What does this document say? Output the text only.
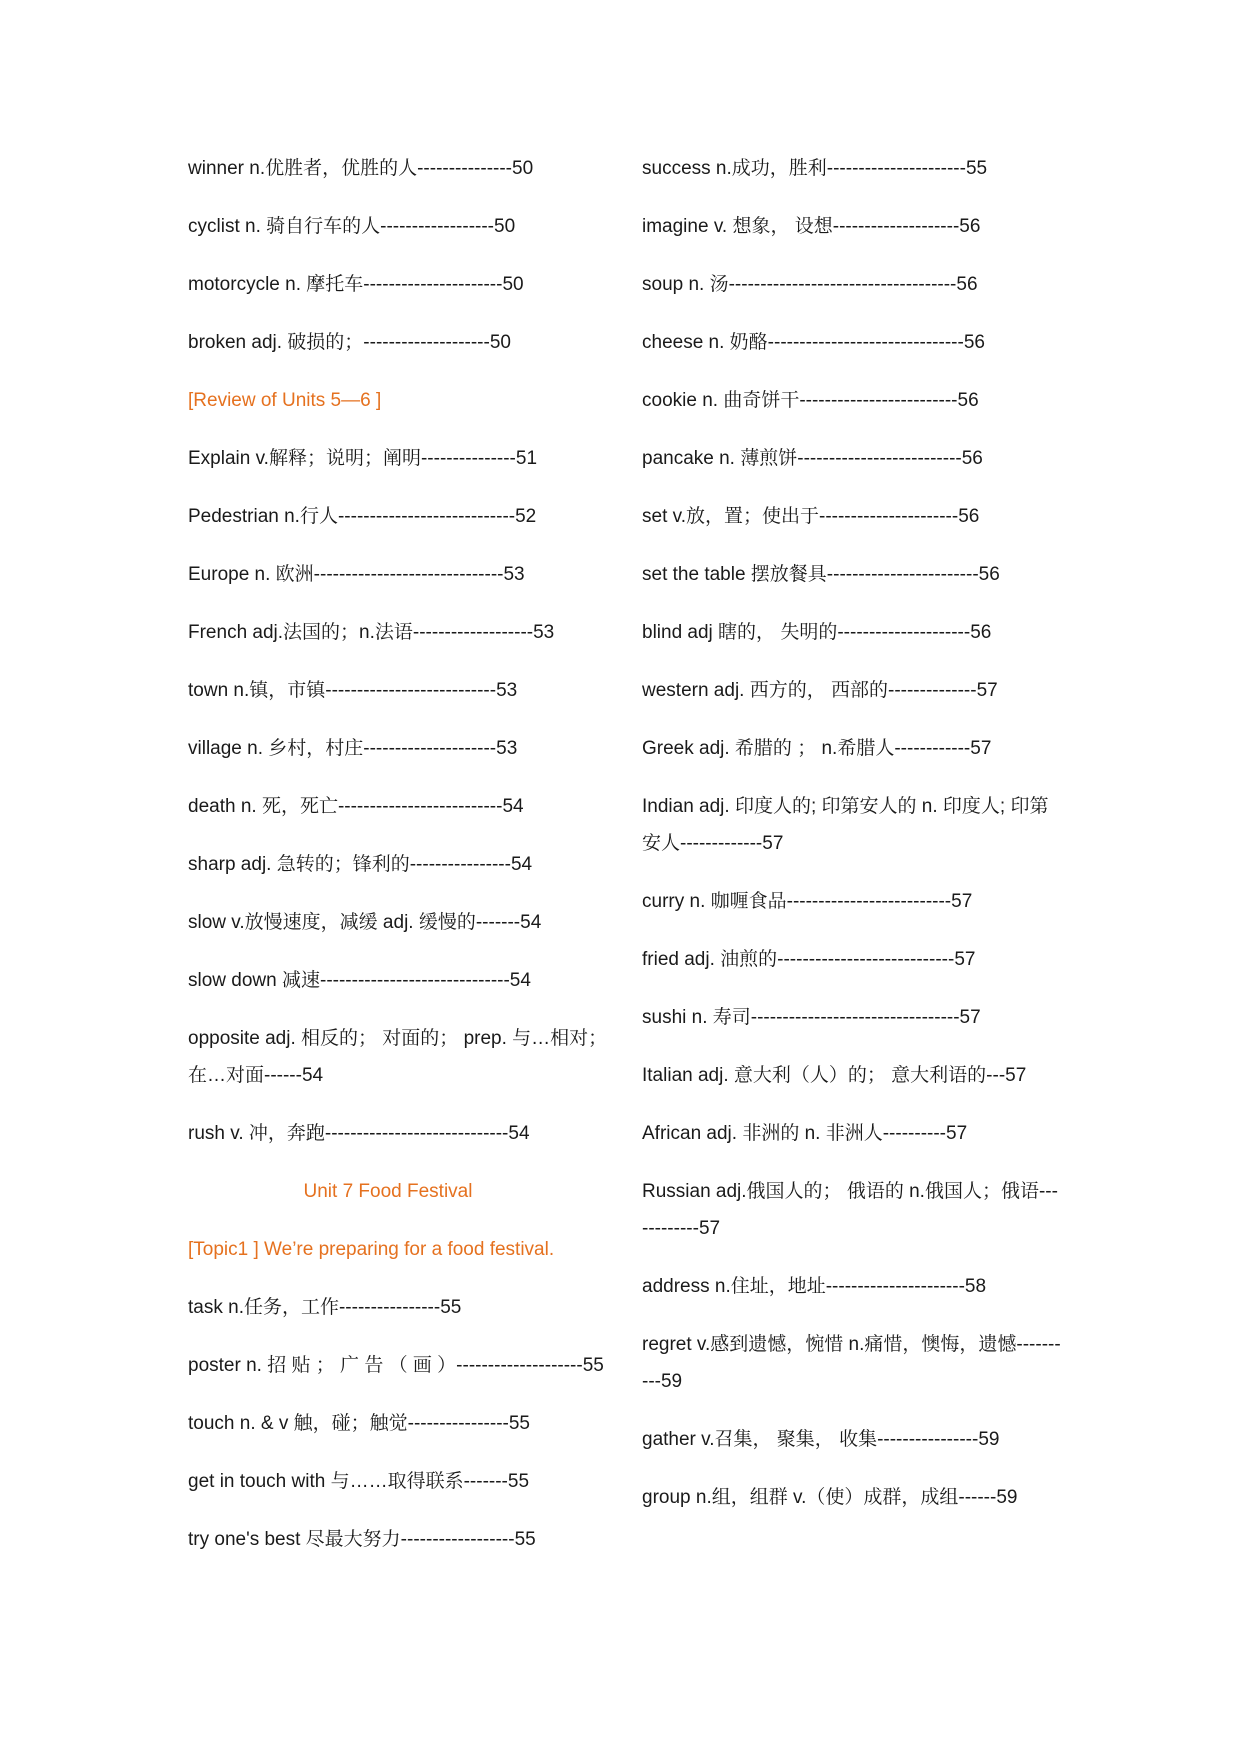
winner n.优胜者，优胜的人---------------50
cyclist n. 骑自行车的人------------------50
motorcycle n. 摩托车----------------------50
broken adj. 破损的；--------------------50
[Review of Units 5—6 ]
Explain v.解释；说明；阐明---------------51
Pedestrian n.行人----------------------------52
Europe n. 欧洲------------------------------53
French adj.法国的；n.法语-------------------53
town n.镇，市镇---------------------------53
village n. 乡村，村庄---------------------53
death n. 死，死亡--------------------------54
sharp adj. 急转的；锋利的----------------54
slow v.放慢速度，减缓 adj. 缓慢的-------54
slow down 减速------------------------------54
opposite adj. 相反的； 对面的； prep. 与…相对；在…对面------54
rush v. 冲，奔跑-----------------------------54
Unit 7 Food Festival
[Topic1 ] We’re preparing for a food festival.
task n.任务，工作----------------55
poster n. 招 贴 ； 广 告 （ 画 ）--------------------55
touch n. & v 触，碰；触觉----------------55
get in touch with 与……取得联系-------55
try one's best 尽最大努力------------------55
success n.成功，胜利----------------------55
imagine v. 想象， 设想--------------------56
soup n. 汤------------------------------------56
cheese n. 奶酪-------------------------------56
cookie n. 曲奇饼干-------------------------56
pancake n. 薄煎饼--------------------------56
set v.放，置；使出于----------------------56
set the table 摆放餐具------------------------56
blind adj 瞎的， 失明的---------------------56
western adj. 西方的， 西部的--------------57
Greek adj. 希腊的 ； n.希腊人------------57
Indian adj. 印度人的; 印第安人的 n. 印度人; 印第安人-------------57
curry n. 咖喱食品--------------------------57
fried adj. 油煎的----------------------------57
sushi n. 寿司---------------------------------57
Italian adj. 意大利（人）的； 意大利语的---57
African adj. 非洲的 n. 非洲人----------57
Russian adj.俄国人的； 俄语的 n.俄国人；俄语------------57
address n.住址，地址----------------------58
regret v.感到遗憾，惋惜 n.痛惜，懊悔，遗憾----------59
gather v.召集， 聚集， 收集----------------59
group n.组，组群 v.（使）成群，成组------59
